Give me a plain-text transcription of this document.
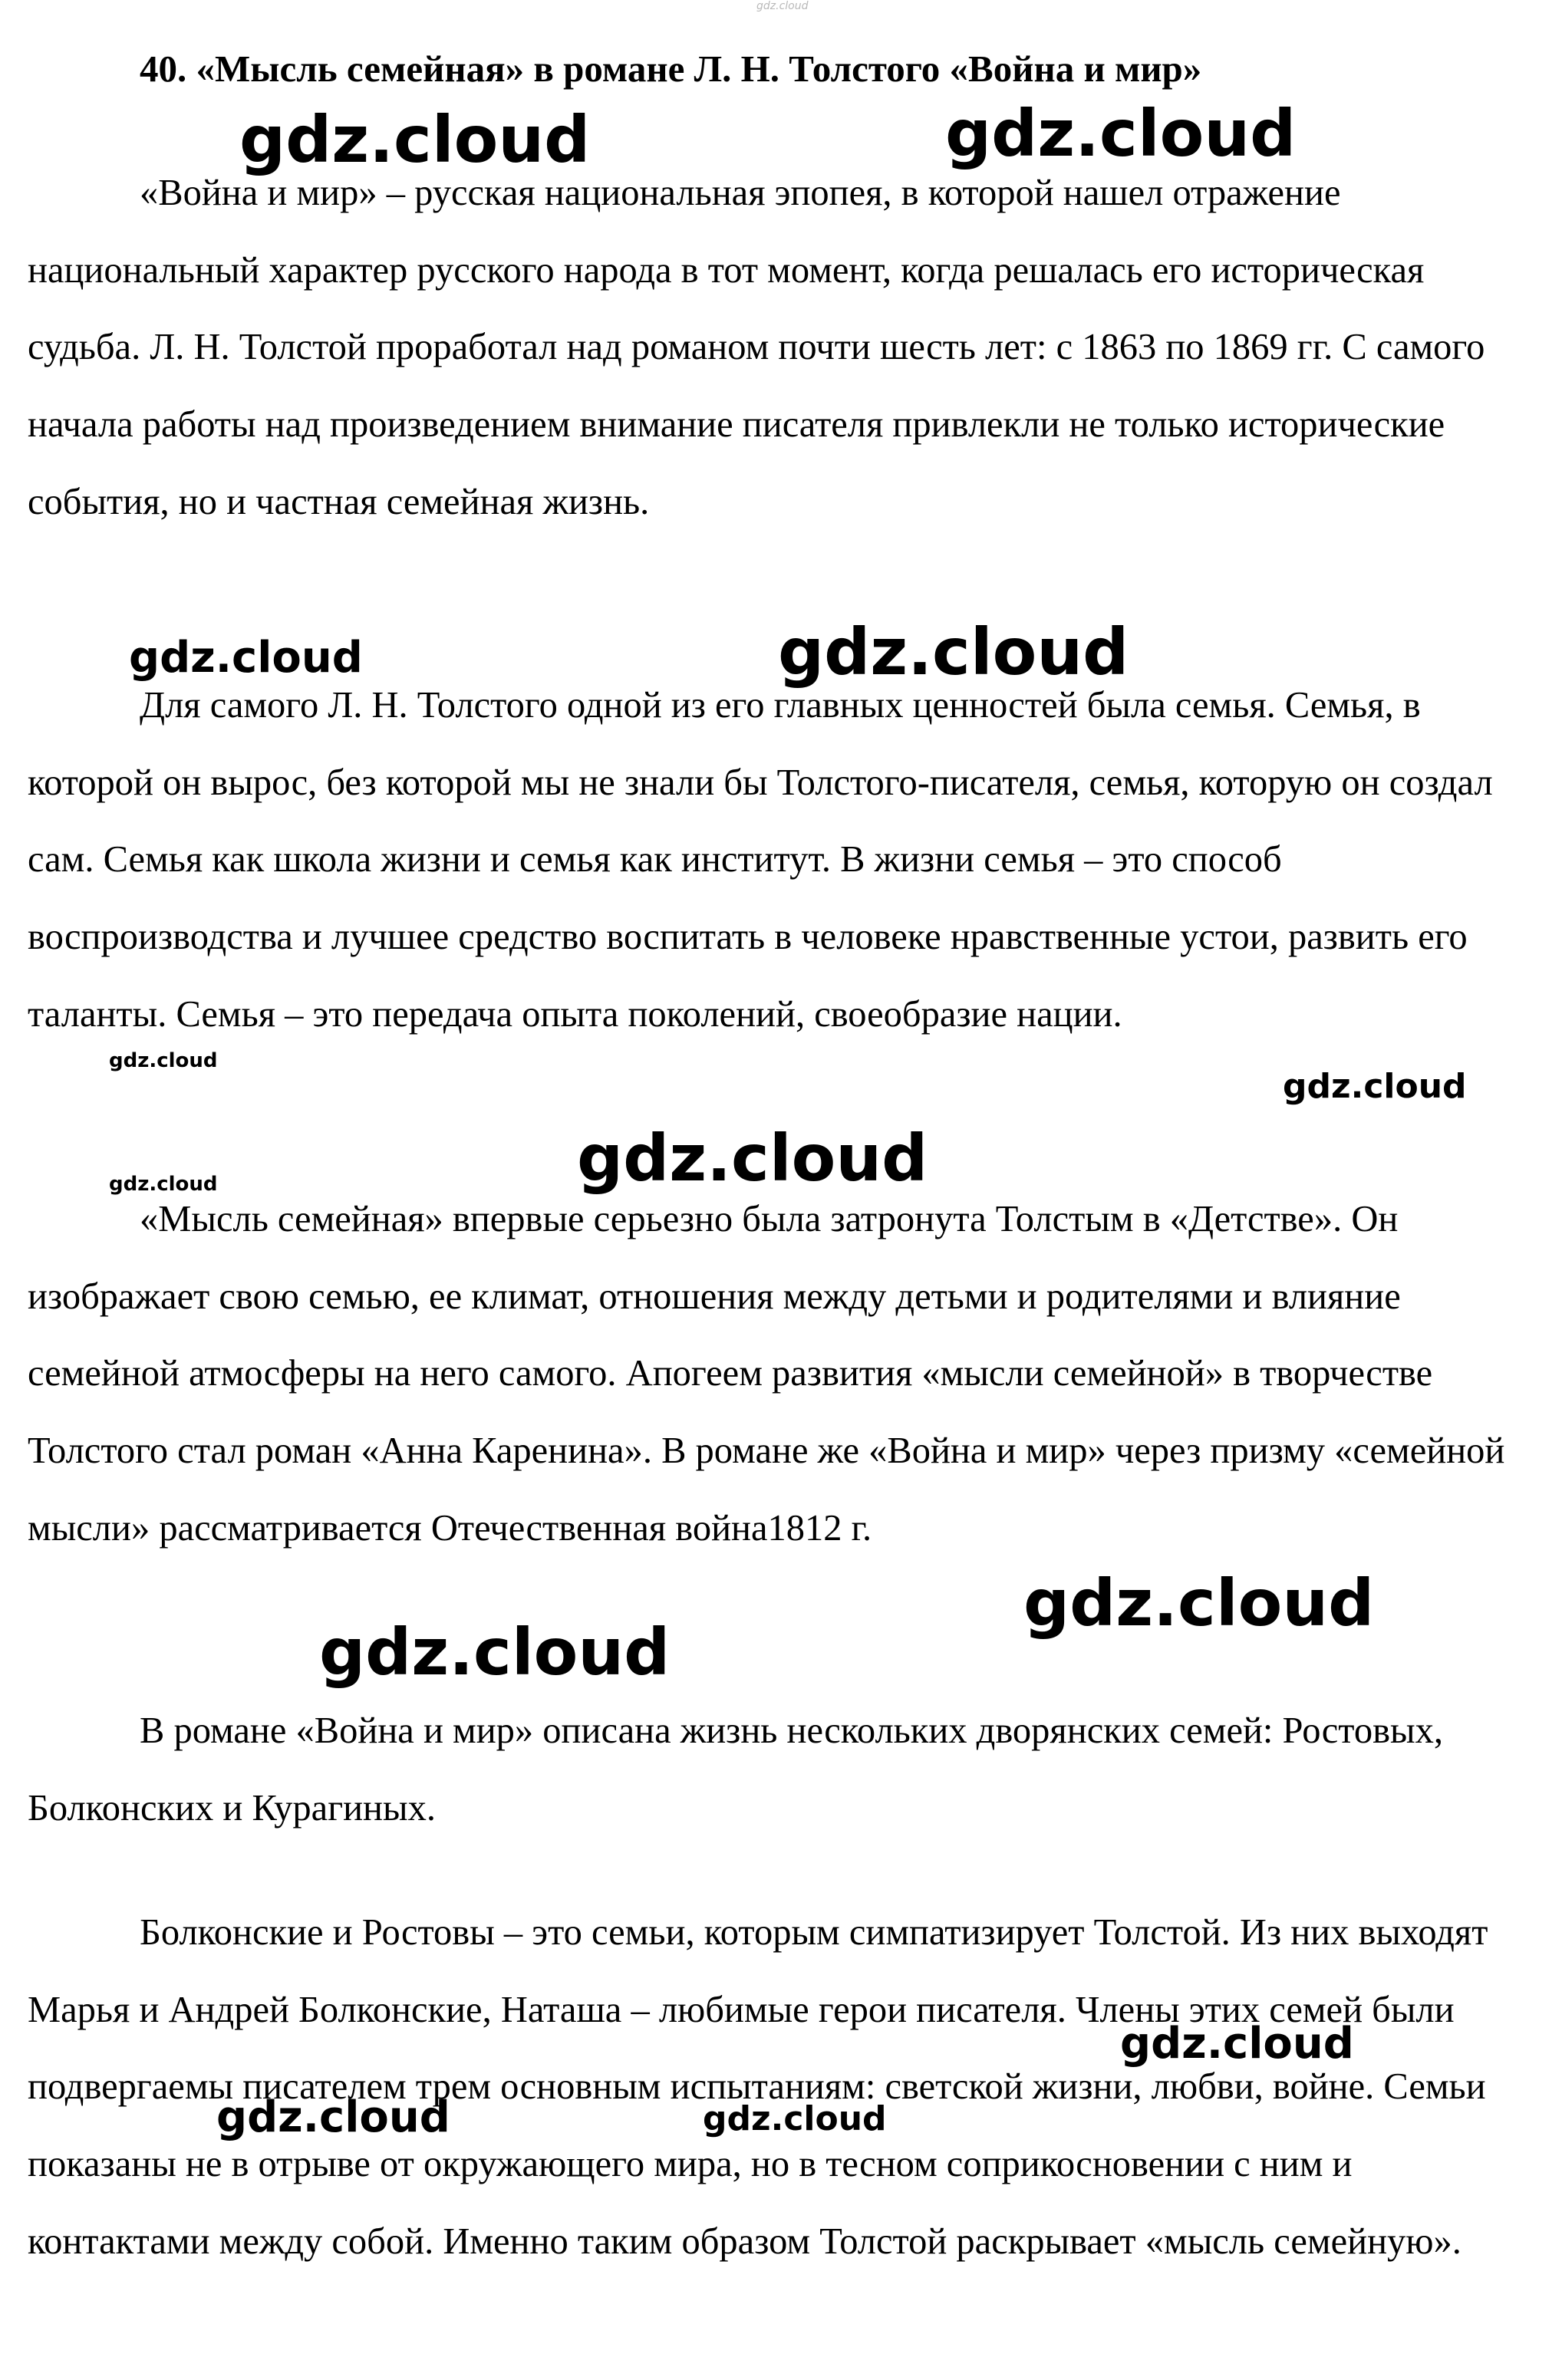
gdz.cloud
40. «Мысль семейная» в романе Л. Н. Толстого «Война и мир»

«Война и мир» – русская национальная эпопея, в которой нашел отражение национальный характер русского народа в тот момент, когда решалась его историческая судьба. Л. Н. Толстой проработал над романом почти шесть лет: с 1863 по 1869 гг. С самого начала работы над произведением внимание писателя привлекли не только исторические события, но и частная семейная жизнь.

Для самого Л. Н. Толстого одной из его главных ценностей была семья. Семья, в которой он вырос, без которой мы не знали бы Толстого-писателя, семья, которую он создал сам. Семья как школа жизни и семья как институт. В жизни семья – это способ воспроизводства и лучшее средство воспитать в человеке нравственные устои, развить его таланты. Семья – это передача опыта поколений, своеобразие нации.

«Мысль семейная» впервые серьезно была затронута Толстым в «Детстве». Он изображает свою семью, ее климат, отношения между детьми и родителями и влияние семейной атмосферы на него самого. Апогеем развития «мысли семейной» в творчестве Толстого стал роман «Анна Каренина». В романе же «Война и мир» через призму «семейной мысли» рассматривается Отечественная война1812 г.

В романе «Война и мир» описана жизнь нескольких дворянских семей: Ростовых, Болконских и Курагиных.

Болконские и Ростовы – это семьи, которым симпатизирует Толстой. Из них выходят Марья и Андрей Болконские, Наташа – любимые герои писателя. Члены этих семей были подвергаемы писателем трем основным испытаниям: светской жизни, любви, войне. Семьи показаны не в отрыве от окружающего мира, но в тесном соприкосновении с ним и контактами между собой. Именно таким образом Толстой раскрывает «мысль семейную».

gdz.cloud	gdz.cloud
gdz.cloud	gdz.cloud
gdz.cloud
gdz.cloud
gdz.cloud
gdz.cloud
gdz.cloud
gdz.cloud
gdz.cloud
gdz.cloud	gdz.cloud
